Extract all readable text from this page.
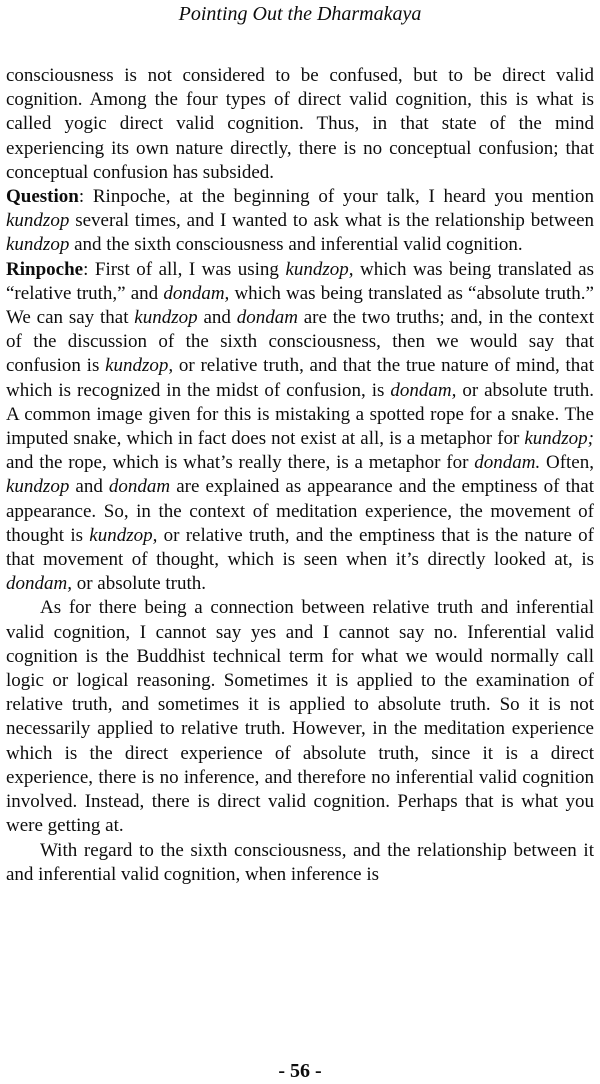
Pointing Out the Dharmakaya

consciousness is not considered to be confused, but to be direct valid cognition. Among the four types of direct valid cognition, this is what is called yogic direct valid cognition. Thus, in that state of the mind experiencing its own nature directly, there is no conceptual confusion; that conceptual confusion has subsided.

Question: Rinpoche, at the beginning of your talk, I heard you mention kundzop several times, and I wanted to ask what is the relationship between kundzop and the sixth consciousness and inferential valid cognition.

Rinpoche: First of all, I was using kundzop, which was being translated as “relative truth,” and dondam, which was being translated as “absolute truth.” We can say that kundzop and dondam are the two truths; and, in the context of the discussion of the sixth consciousness, then we would say that confusion is kundzop, or relative truth, and that the true nature of mind, that which is recognized in the midst of confusion, is dondam, or absolute truth. A common image given for this is mistaking a spotted rope for a snake. The imputed snake, which in fact does not exist at all, is a metaphor for kundzop; and the rope, which is what’s really there, is a metaphor for dondam. Often, kundzop and dondam are explained as appearance and the emptiness of that appearance. So, in the context of meditation experience, the movement of thought is kundzop, or relative truth, and the emptiness that is the nature of that movement of thought, which is seen when it’s directly looked at, is dondam, or absolute truth.

As for there being a connection between relative truth and inferential valid cognition, I cannot say yes and I cannot say no. Inferential valid cognition is the Buddhist technical term for what we would normally call logic or logical reasoning. Sometimes it is applied to the examination of relative truth, and sometimes it is applied to absolute truth. So it is not necessarily applied to relative truth. However, in the meditation experience which is the direct experience of absolute truth, since it is a direct experience, there is no inference, and therefore no inferential valid cognition involved. Instead, there is direct valid cognition. Perhaps that is what you were getting at.

With regard to the sixth consciousness, and the relationship between it and inferential valid cognition, when inference is

- 56 -
